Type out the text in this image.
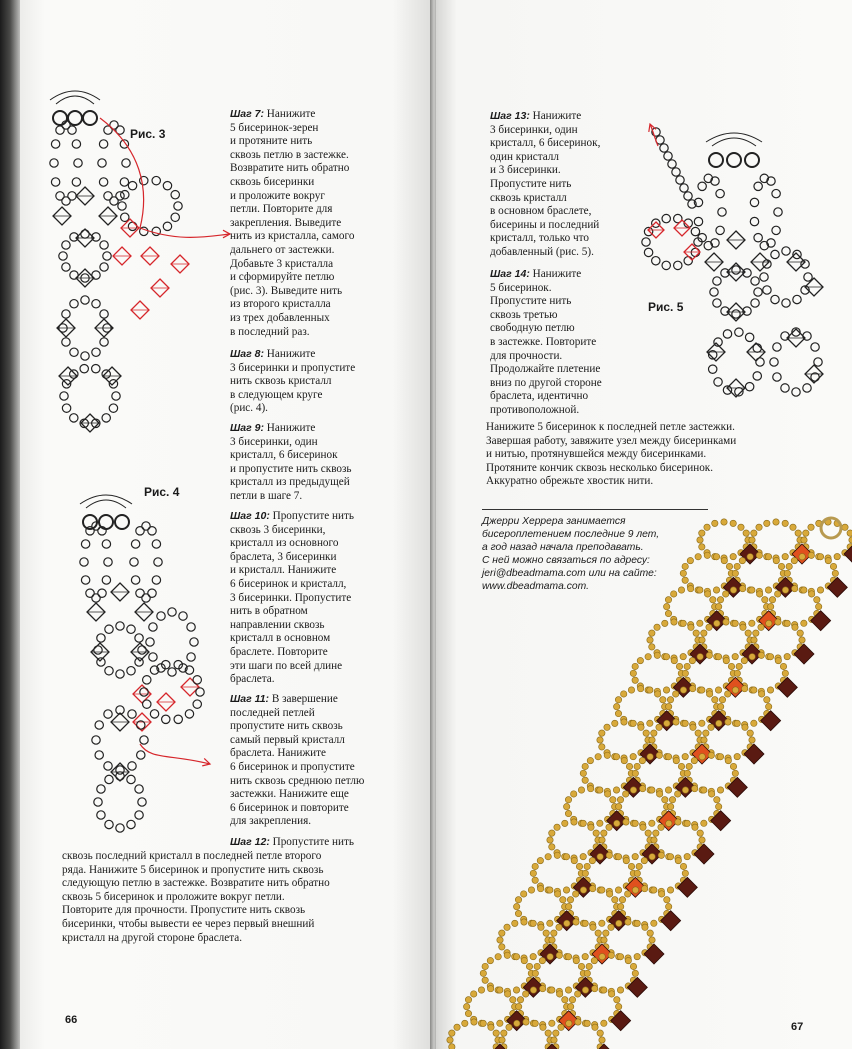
Рис. 3
Рис. 4
Шаг 7: Нанижите
5 бисеринок-зерен
и протяните нить
сквозь петлю в застежке.
Возвратите нить обратно
сквозь бисеринки
и проложите вокруг
петли. Повторите для
закрепления. Выведите
нить из кристалла, самого
дальнего от застежки.
Добавьте 3 кристалла
и сформируйте петлю
(рис. 3). Выведите нить
из второго кристалла
из трех добавленных
в последний раз.
Шаг 8: Нанижите
3 бисеринки и пропустите
нить сквозь кристалл
в следующем круге
(рис. 4).
Шаг 9: Нанижите
3 бисеринки, один
кристалл, 6 бисеринок
и пропустите нить сквозь
кристалл из предыдущей
петли в шаге 7.
Шаг 10: Пропустите нить
сквозь 3 бисеринки,
кристалл из основного
браслета, 3 бисеринки
и кристалл. Нанижите
6 бисеринок и кристалл,
3 бисеринки. Пропустите
нить в обратном
направлении сквозь
кристалл в основном
браслете. Повторите
эти шаги по всей длине
браслета.
Шаг 11: В завершение
последней петлей
пропустите нить сквозь
самый первый кристалл
браслета. Нанижите
6 бисеринок и пропустите
нить сквозь среднюю петлю
застежки. Нанижите еще
6 бисеринок и повторите
для закрепления.
Шаг 12: Пропустите нить
сквозь последний кристалл в последней петле второго
ряда. Нанижите 5 бисеринок и пропустите нить сквозь
следующую петлю в застежке. Возвратите нить обратно
сквозь 5 бисеринок и проложите вокруг петли.
Повторите для прочности. Пропустите нить сквозь
бисеринки, чтобы вывести ее через первый внешний
кристалл на другой стороне браслета.
66
Шаг 13: Нанижите
3 бисеринки, один
кристалл, 6 бисеринок,
один кристалл
и 3 бисеринки.
Пропустите нить
сквозь кристалл
в основном браслете,
бисерины и последний
кристалл, только что
добавленный (рис. 5).
Шаг 14: Нанижите
5 бисеринок.
Пропустите нить
сквозь третью
свободную петлю
в застежке. Повторите
для прочности.
Продолжайте плетение
вниз по другой стороне
браслета, идентично
противоположной.
Нанижите 5 бисеринок к последней петле застежки.
Завершая работу, завяжите узел между бисеринками
и нитью, протянувшейся между бисеринками.
Протяните кончик сквозь несколько бисеринок.
Аккуратно обрежьте хвостик нити.
Рис. 5
Джерри Херрера занимается
бисероплетением последние 9 лет,
а год назад начала преподавать.
С ней можно связаться по адресу:
jeri@dbeadmama.com или на сайте:
www.dbeadmama.com.
67
